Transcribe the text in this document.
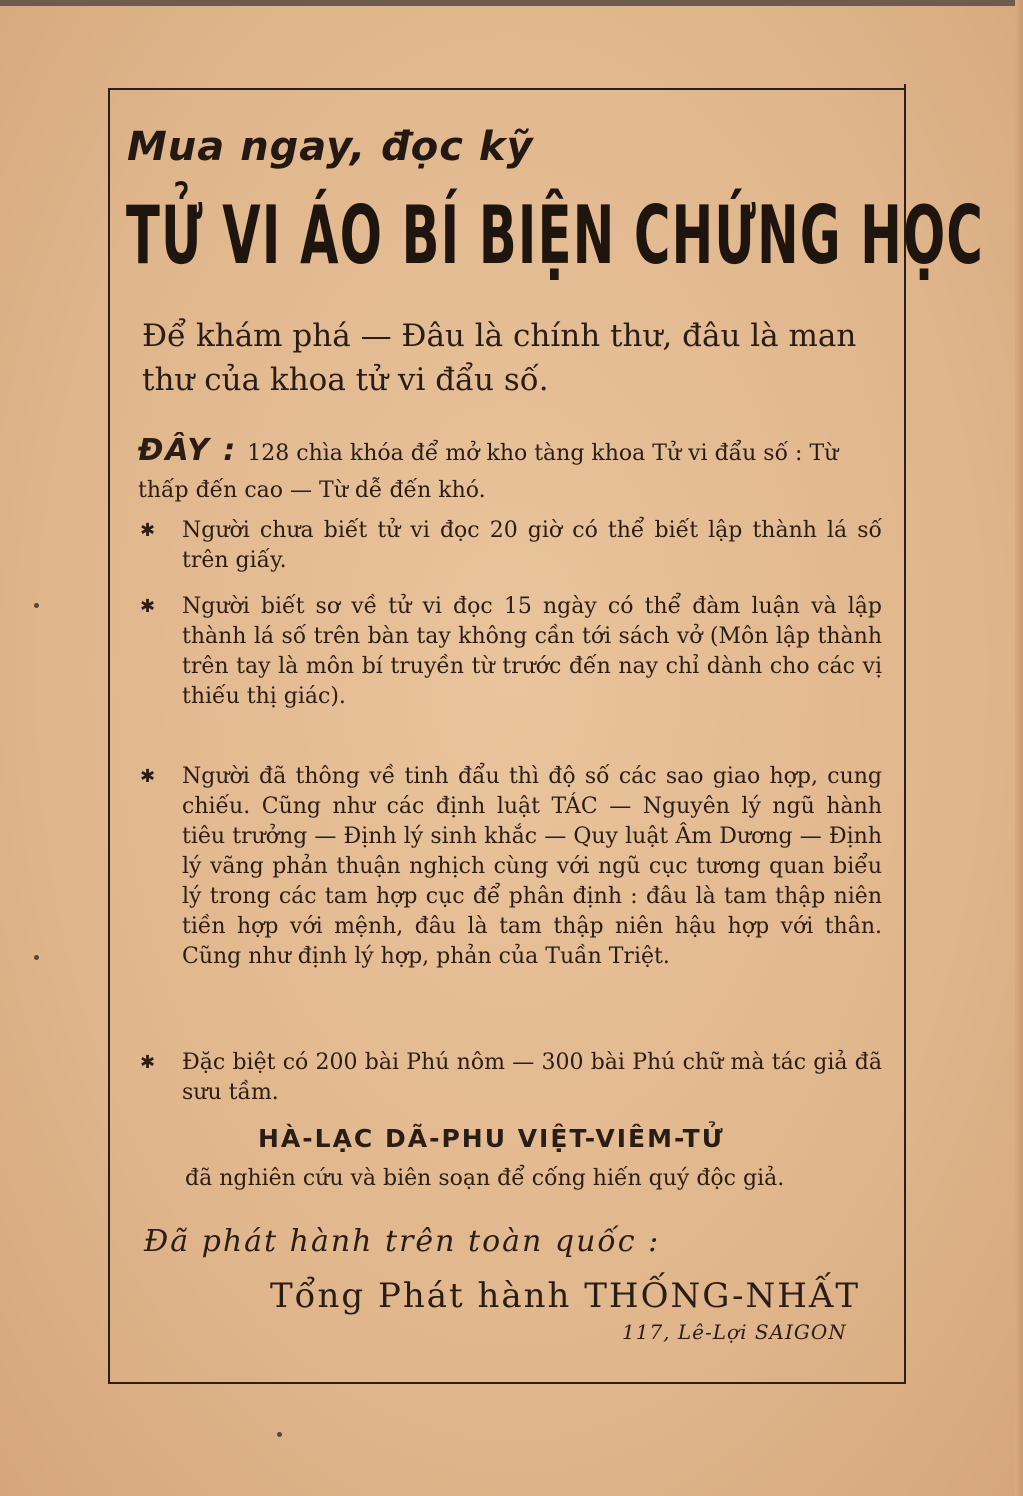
Mua ngay, đọc kỹ
TỬ VI ÁO BÍ BIỆN CHỨNG HỌC
Để khám phá — Đâu là chính thư, đâu là man thư của khoa tử vi đẩu số.
ĐÂY : 128 chìa khóa để mở kho tàng khoa Tử vi đẩu số : Từ thấp đến cao — Từ dễ đến khó.
✱ Người chưa biết tử vi đọc 20 giờ có thể biết lập thành lá số trên giấy.
✱ Người biết sơ về tử vi đọc 15 ngày có thể đàm luận và lập thành lá số trên bàn tay không cần tới sách vở (Môn lập thành trên tay là môn bí truyền từ trước đến nay chỉ dành cho các vị thiếu thị giác).
✱ Người đã thông về tinh đẩu thì độ số các sao giao hợp, cung chiếu. Cũng như các định luật TÁC — Nguyên lý ngũ hành tiêu trưởng — Định lý sinh khắc — Quy luật Âm Dương — Định lý vãng phản thuận nghịch cùng với ngũ cục tương quan biểu lý trong các tam hợp cục để phân định : đâu là tam thập niên tiền hợp với mệnh, đâu là tam thập niên hậu hợp với thân. Cũng như định lý hợp, phản của Tuần Triệt.
✱ Đặc biệt có 200 bài Phú nôm — 300 bài Phú chữ mà tác giả đã sưu tầm.
HÀ-LẠC DÃ-PHU VIỆT-VIÊM-TỬ
đã nghiên cứu và biên soạn để cống hiến quý độc giả.
Đã phát hành trên toàn quốc :
Tổng Phát hành THỐNG-NHẤT
117, Lê-Lợi SAIGON
